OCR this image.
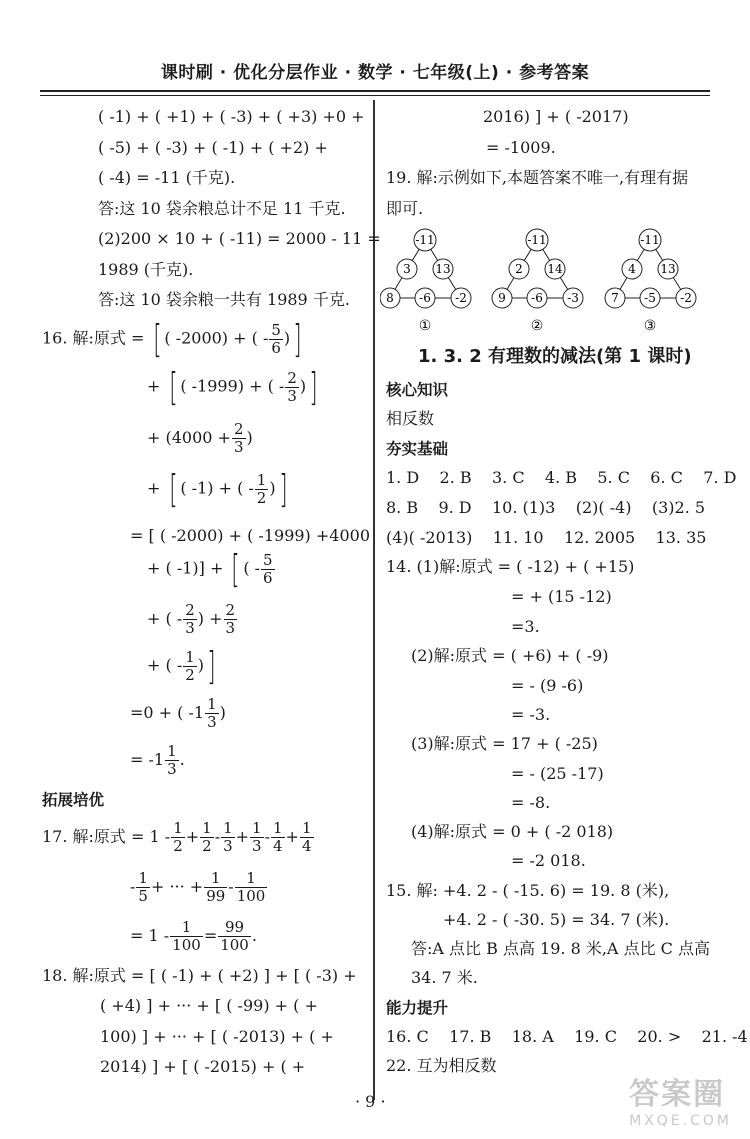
课时刷 · 优化分层作业 · 数学 · 七年级(上) · 参考答案
( -1) + ( +1) + ( -3) + ( +3) +0 +
( -5) + ( -3) + ( -1) + ( +2) +
( -4) = -11 (千克).
答:这 10 袋余粮总计不足 11 千克.
(2)200 × 10 + ( -11) = 2000 - 11 =
1989 (千克).
答:这 10 袋余粮一共有 1989 千克.
16. 解:原式 = [ ( -2000) + ( - $\frac{5}{6}$ )]
+ [ ( -1999) + ( - $\frac{2}{3}$ )]
+ ($4000 + \frac{2}{3}$ )
+ [ ( -1) + ( - $\frac{1}{2}$ )]
= [ ( -2000) + ( -1999) +4000
+ ( -1)] + [ ( - $\frac{5}{6}$
+ ( - $\frac{2}{3}$ ) + $\frac{2}{3}$
+ ( - $\frac{1}{2}$ )]
=0 + ( $-1 \frac{1}{3}$ )
= $-1 \frac{1}{3}$ .
拓展培优
17. 解:原式 = $1 - \frac{1}{2} + \frac{1}{2} - \frac{1}{3} + \frac{1}{3} - \frac{1}{4} + \frac{1}{4}$
- $\frac{1}{5}$ + ··· + $\frac{1}{99} - \frac{1}{100}$
= $1 - \frac{1}{100} = \frac{99}{100}$ .
18. 解:原式 = [ ( -1) + ( +2) ] + [ ( -3) +
( +4) ] + ··· + [ ( -99) + ( +
100) ] + ··· + [ ( -2013) + ( +
2014) ] + [ ( -2015) + ( +
2016) ] + ( -2017)
= -1009.
19. 解:示例如下,本题答案不唯一,有理有据
即可.
-11
3 13
8 -6 -2
①
-11
2 14
9 -6 -3
②
-11
4 13
7 -5 -2
③
1. 3. 2 有理数的减法(第 1 课时)
核心知识
相反数
夯实基础
1. D    2. B    3. C    4. B    5. C    6. C    7. D
8. B    9. D    10. (1)3    (2)( -4)    (3)2. 5
(4)( -2013)    11. 10    12. 2005    13. 35
14. (1)解:原式 = ( -12) + ( +15)
= + (15 -12)
=3.
(2)解:原式 = ( +6) + ( -9)
= - (9 -6)
= -3.
(3)解:原式 = 17 + ( -25)
= - (25 -17)
= -8.
(4)解:原式 = 0 + ( -2 018)
= -2 018.
15. 解: +4. 2 - ( -15. 6) = 19. 8 (米),
+4. 2 - ( -30. 5) = 34. 7 (米).
答:A 点比 B 点高 19. 8 米,A 点比 C 点高
34. 7 米.
能力提升
16. C    17. B    18. A    19. C    20. >    21. -4
22. 互为相反数
· 9 ·	答案圈
MXQE.COM
